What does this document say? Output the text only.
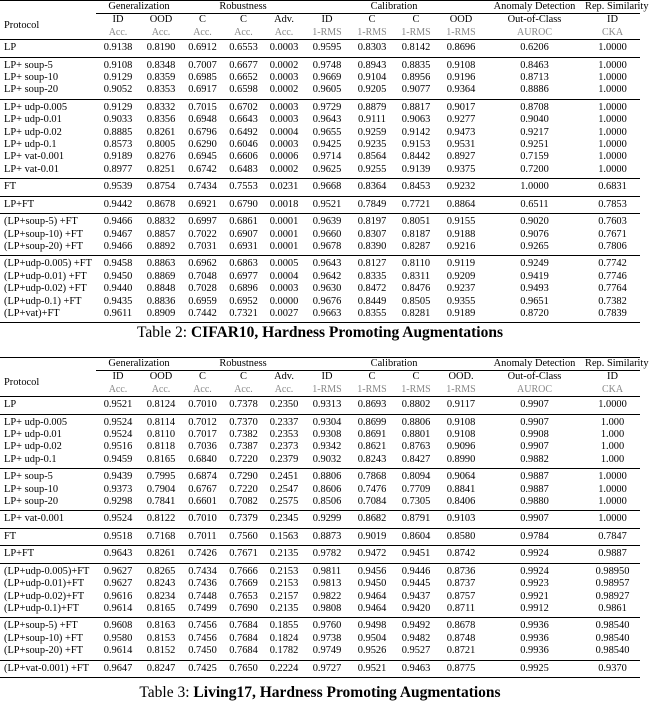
	Generalization		Robustness			Calibration				Anomaly Detection	Rep. Similarity
Protocol	ID	OOD	C	$\overline{C}$	Adv.	ID	C	$\overline{C}$	OOD	Out-of-Class	ID
	Acc.	Acc.	Acc.	Acc.	Acc.	1-RMS	1-RMS	1-RMS	1-RMS	AUROC	CKA
LP	0.9138	0.8190	0.6912	0.6553	0.0003	0.9595	0.8303	0.8142	0.8696	0.6206	1.0000
LP+ soup-5	0.9108	0.8348	0.7007	0.6677	0.0002	0.9748	0.8943	0.8835	0.9108	0.8463	1.0000
LP+ soup-10	0.9129	0.8359	0.6985	0.6652	0.0003	0.9669	0.9104	0.8956	0.9196	0.8713	1.0000
LP+ soup-20	0.9052	0.8353	0.6917	0.6598	0.0002	0.9605	0.9205	0.9077	0.9364	0.8886	1.0000
LP+ udp-0.005	0.9129	0.8332	0.7015	0.6702	0.0003	0.9729	0.8879	0.8817	0.9017	0.8708	1.0000
LP+ udp-0.01	0.9033	0.8356	0.6948	0.6643	0.0003	0.9643	0.9111	0.9063	0.9277	0.9040	1.0000
LP+ udp-0.02	0.8885	0.8261	0.6796	0.6492	0.0004	0.9655	0.9259	0.9142	0.9473	0.9217	1.0000
LP+ udp-0.1	0.8573	0.8005	0.6290	0.6046	0.0003	0.9425	0.9235	0.9153	0.9531	0.9251	1.0000
LP+ vat-0.001	0.9189	0.8276	0.6945	0.6606	0.0006	0.9714	0.8564	0.8442	0.8927	0.7159	1.0000
LP+ vat-0.01	0.8977	0.8251	0.6742	0.6483	0.0002	0.9625	0.9255	0.9139	0.9375	0.7200	1.0000
FT	0.9539	0.8754	0.7434	0.7553	0.0231	0.9668	0.8364	0.8453	0.9232	1.0000	0.6831
LP+FT	0.9442	0.8678	0.6921	0.6790	0.0018	0.9521	0.7849	0.7721	0.8864	0.6511	0.7853
(LP+soup-5) +FT	0.9466	0.8832	0.6997	0.6861	0.0001	0.9639	0.8197	0.8051	0.9155	0.9020	0.7603
(LP+soup-10) +FT	0.9467	0.8857	0.7022	0.6907	0.0001	0.9660	0.8307	0.8187	0.9188	0.9076	0.7671
(LP+soup-20) +FT	0.9466	0.8892	0.7031	0.6931	0.0001	0.9678	0.8390	0.8287	0.9216	0.9265	0.7806
(LP+udp-0.005) +FT	0.9458	0.8863	0.6962	0.6863	0.0005	0.9643	0.8127	0.8110	0.9119	0.9249	0.7742
(LP+udp-0.01) +FT	0.9450	0.8869	0.7048	0.6977	0.0004	0.9642	0.8335	0.8311	0.9209	0.9419	0.7746
(LP+udp-0.02) +FT	0.9440	0.8848	0.7028	0.6896	0.0003	0.9630	0.8472	0.8476	0.9237	0.9493	0.7764
(LP+udp-0.1) +FT	0.9435	0.8836	0.6959	0.6952	0.0000	0.9676	0.8449	0.8505	0.9355	0.9651	0.7382
(LP+vat)+FT	0.9611	0.8909	0.7442	0.7321	0.0027	0.9663	0.8355	0.8281	0.9189	0.8720	0.7839
Table 2: CIFAR10, Hardness Promoting Augmentations
	Generalization		Robustness			Calibration				Anomaly Detection	Rep. Similarity
Protocol	ID	OOD	C	$\overline{C}$	Adv.	ID	C	$\overline{C}$	OOD.	Out-of-Class	ID
	Acc.	Acc.	Acc.	Acc.	Acc.	1-RMS	1-RMS	1-RMS	1-RMS	AUROC	CKA
LP	0.9521	0.8124	0.7010	0.7378	0.2350	0.9313	0.8693	0.8802	0.9117	0.9907	1.0000
LP+ udp-0.005	0.9524	0.8114	0.7012	0.7370	0.2337	0.9304	0.8699	0.8806	0.9108	0.9907	1.000
LP+ udp-0.01	0.9524	0.8110	0.7017	0.7382	0.2353	0.9308	0.8691	0.8801	0.9108	0.9908	1.000
LP+ udp-0.02	0.9516	0.8118	0.7036	0.7387	0.2373	0.9342	0.8621	0.8763	0.9096	0.9907	1.000
LP+ udp-0.1	0.9459	0.8165	0.6840	0.7220	0.2379	0.9032	0.8243	0.8427	0.8990	0.9882	1.000
LP+ soup-5	0.9439	0.7995	0.6874	0.7290	0.2451	0.8806	0.7868	0.8094	0.9064	0.9887	1.0000
LP+ soup-10	0.9373	0.7904	0.6767	0.7220	0.2547	0.8606	0.7476	0.7709	0.8841	0.9887	1.0000
LP+ soup-20	0.9298	0.7841	0.6601	0.7082	0.2575	0.8506	0.7084	0.7305	0.8406	0.9880	1.0000
LP+ vat-0.001	0.9524	0.8122	0.7010	0.7379	0.2345	0.9299	0.8682	0.8791	0.9103	0.9907	1.0000
FT	0.9518	0.7168	0.7011	0.7560	0.1563	0.8873	0.9019	0.8604	0.8580	0.9784	0.7847
LP+FT	0.9643	0.8261	0.7426	0.7671	0.2135	0.9782	0.9472	0.9451	0.8742	0.9924	0.9887
(LP+udp-0.005)+FT	0.9627	0.8265	0.7434	0.7666	0.2153	0.9811	0.9456	0.9446	0.8736	0.9924	0.98950
(LP+udp-0.01)+FT	0.9627	0.8243	0.7436	0.7669	0.2153	0.9813	0.9450	0.9445	0.8737	0.9923	0.98957
(LP+udp-0.02)+FT	0.9616	0.8234	0.7448	0.7653	0.2157	0.9822	0.9464	0.9437	0.8757	0.9921	0.98927
(LP+udp-0.1)+FT	0.9614	0.8165	0.7499	0.7690	0.2135	0.9808	0.9464	0.9420	0.8711	0.9912	0.9861
(LP+soup-5) +FT	0.9608	0.8163	0.7456	0.7684	0.1855	0.9760	0.9498	0.9492	0.8678	0.9936	0.98540
(LP+soup-10) +FT	0.9580	0.8153	0.7456	0.7684	0.1824	0.9738	0.9504	0.9482	0.8748	0.9936	0.98540
(LP+soup-20) +FT	0.9614	0.8152	0.7450	0.7684	0.1782	0.9749	0.9526	0.9527	0.8721	0.9936	0.98540
(LP+vat-0.001) +FT	0.9647	0.8247	0.7425	0.7650	0.2224	0.9727	0.9521	0.9463	0.8775	0.9925	0.9370
Table 3: Living17, Hardness Promoting Augmentations
